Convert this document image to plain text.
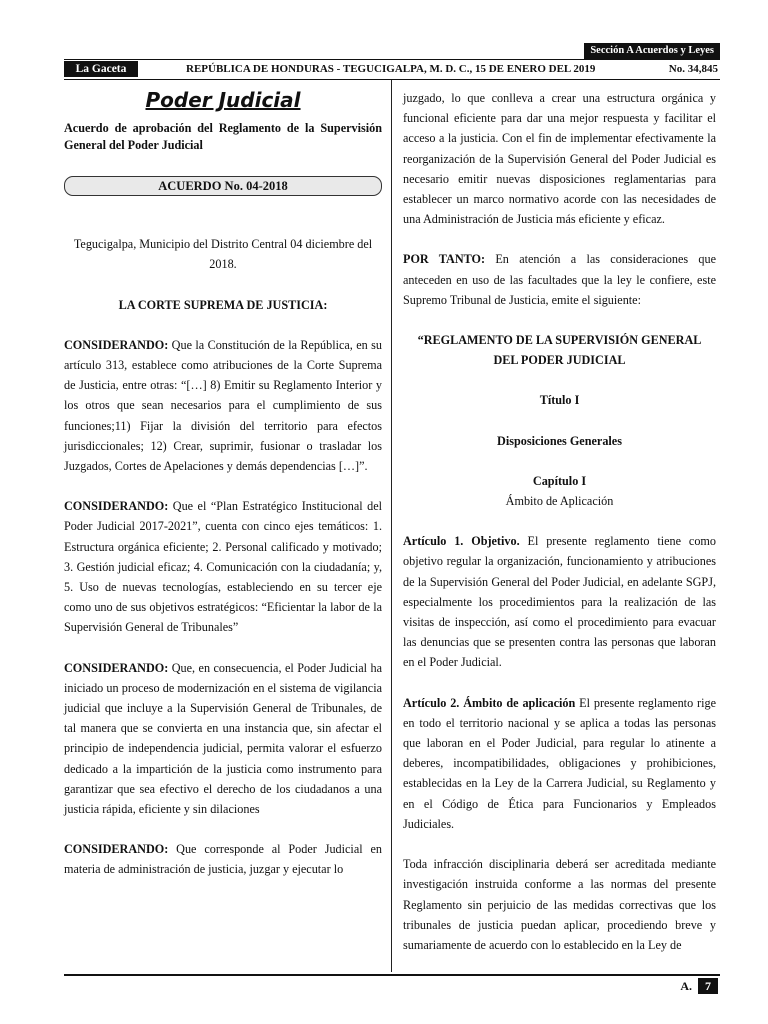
Sección A Acuerdos y Leyes
La Gaceta	REPÚBLICA DE HONDURAS - TEGUCIGALPA, M. D. C., 15 DE ENERO DEL 2019	No. 34,845
Poder Judicial

Acuerdo de aprobación del Reglamento de la Supervisión General del Poder Judicial

ACUERDO No. 04-2018

Tegucigalpa, Municipio del Distrito Central 04 diciembre del 2018.

LA CORTE SUPREMA DE JUSTICIA:

CONSIDERANDO: Que la Constitución de la República, en su artículo 313, establece como atribuciones de la Corte Suprema de Justicia, entre otras: “[…] 8) Emitir su Reglamento Interior y los otros que sean necesarios para el cumplimiento de sus funciones;11) Fijar la división del territorio para efectos jurisdiccionales; 12) Crear, suprimir, fusionar o trasladar los Juzgados, Cortes de Apelaciones y demás dependencias […]”.

CONSIDERANDO: Que el “Plan Estratégico Institucional del Poder Judicial 2017-2021”, cuenta con cinco ejes temáticos: 1. Estructura orgánica eficiente; 2. Personal calificado y motivado; 3. Gestión judicial eficaz; 4. Comunicación con la ciudadanía; y, 5. Uso de nuevas tecnologías, estableciendo en su tercer eje como uno de sus objetivos estratégicos: “Eficientar la labor de la Supervisión General de Tribunales”

CONSIDERANDO: Que, en consecuencia, el Poder Judicial ha iniciado un proceso de modernización en el sistema de vigilancia judicial que incluye a la Supervisión General de Tribunales, de tal manera que se convierta en una instancia que, sin afectar el principio de independencia judicial, permita valorar el esfuerzo dedicado a la impartición de la justicia como instrumento para garantizar que sea efectivo el derecho de los ciudadanos a una justicia rápida, eficiente y sin dilaciones

CONSIDERANDO: Que corresponde al Poder Judicial en materia de administración de justicia, juzgar y ejecutar lo

juzgado, lo que conlleva a crear una estructura orgánica y funcional eficiente para dar una mejor respuesta y facilitar el acceso a la justicia. Con el fin de implementar efectivamente la reorganización de la Supervisión General del Poder Judicial es necesario emitir nuevas disposiciones reglamentarias para establecer un marco normativo acorde con las necesidades de una Administración de Justicia más eficiente y eficaz.

POR TANTO: En atención a las consideraciones que anteceden en uso de las facultades que la ley le confiere, este Supremo Tribunal de Justicia, emite el siguiente:

“REGLAMENTO DE LA SUPERVISIÓN GENERAL DEL PODER JUDICIAL

Título I

Disposiciones Generales

Capítulo I

Ámbito de Aplicación

Artículo 1. Objetivo. El presente reglamento tiene como objetivo regular la organización, funcionamiento y atribuciones de la Supervisión General del Poder Judicial, en adelante SGPJ, especialmente los procedimientos para la realización de las visitas de inspección, así como el procedimiento para evacuar las denuncias que se presenten contra las personas que laboran en el Poder Judicial.

Artículo 2. Ámbito de aplicación El presente reglamento rige en todo el territorio nacional y se aplica a todas las personas que laboran en el Poder Judicial, para regular lo atinente a deberes, incompatibilidades, obligaciones y prohibiciones, establecidas en la Ley de la Carrera Judicial, su Reglamento y en el Código de Ética para Funcionarios y Empleados Judiciales.

Toda infracción disciplinaria deberá ser acreditada mediante investigación instruida conforme a las normas del presente Reglamento sin perjuicio de las medidas correctivas que los tribunales de justicia puedan aplicar, procediendo breve y sumariamente de acuerdo con lo establecido en la Ley de

A.	7
